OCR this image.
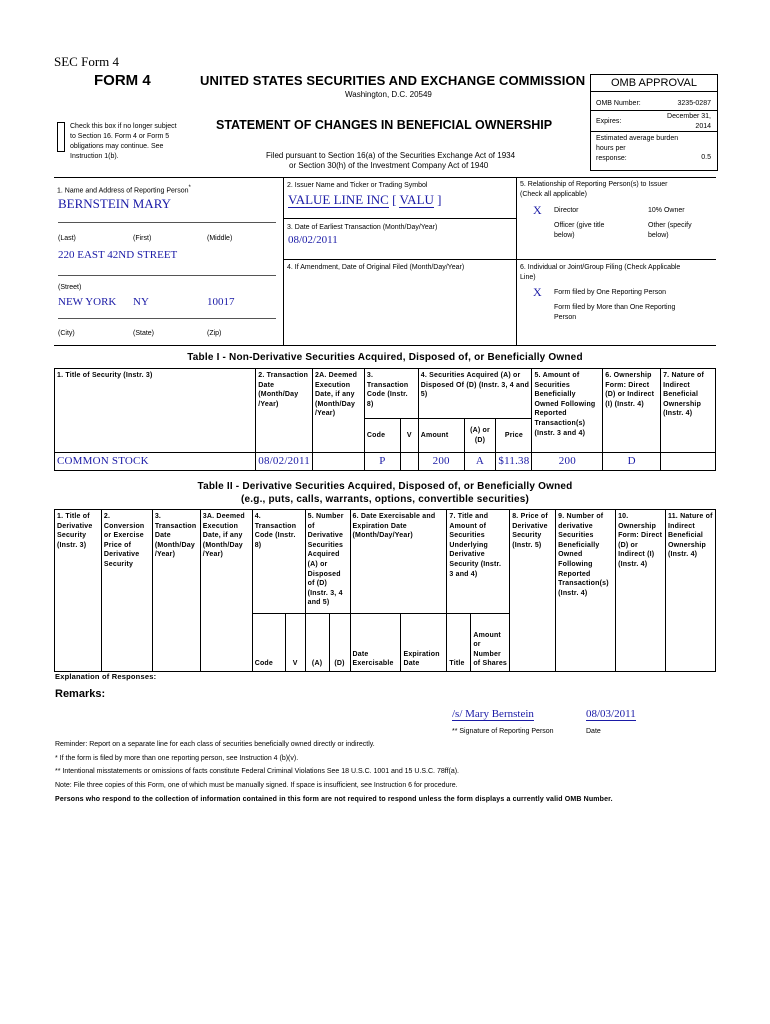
SEC Form 4
FORM 4	UNITED STATES SECURITIES AND EXCHANGE COMMISSION
Washington, D.C. 20549
Check this box if no longer subject
to Section 16. Form 4 or Form 5
obligations may continue. See
Instruction 1(b).
STATEMENT OF CHANGES IN BENEFICIAL OWNERSHIP
Filed pursuant to Section 16(a) of the Securities Exchange Act of 1934
or Section 30(h) of the Investment Company Act of 1940
OMB APPROVAL
OMB Number:	3235-0287
Expires:
December 31,
2014
Estimated average burden
hours per
response:	0.5
1. Name and Address of Reporting Person*
BERNSTEIN MARY
(Last)	(First)	(Middle)
220 EAST 42ND STREET
(Street)
NEW YORK NY	10017
(City)	(State)	(Zip)
2. Issuer Name and Ticker or Trading Symbol
VALUE LINE INC [ VALU ]
3. Date of Earliest Transaction (Month/Day/Year)
08/02/2011
4. If Amendment, Date of Original Filed (Month/Day/Year)
5. Relationship of Reporting Person(s) to Issuer
(Check all applicable)
X Director	10% Owner
Officer (give title
below)
Other (specify
below)
6. Individual or Joint/Group Filing (Check Applicable
Line)
X Form filed by One Reporting Person
Form filed by More than One Reporting
Person
Table I - Non-Derivative Securities Acquired, Disposed of, or Beneficially Owned
1. Title of Security (Instr. 3)	2. Transaction Date (Month/Day /Year)	2A. Deemed Execution Date, if any (Month/Day /Year)	3. Transaction Code (Instr. 8)		4. Securities Acquired (A) or Disposed Of (D) (Instr. 3, 4 and 5)			5. Amount of Securities Beneficially Owned Following Reported Transaction(s) (Instr. 3 and 4)	6. Ownership Form: Direct (D) or Indirect (I) (Instr. 4)	7. Nature of Indirect Beneficial Ownership (Instr. 4)
			Code	V	Amount	(A) or (D)	Price			
COMMON STOCK	08/02/2011		P		200	A	$11.38	200	D	
Table II - Derivative Securities Acquired, Disposed of, or Beneficially Owned
(e.g., puts, calls, warrants, options, convertible securities)
1. Title of Derivative Security (Instr. 3)	2. Conversion or Exercise Price of Derivative Security	3. Transaction Date (Month/Day /Year)	3A. Deemed Execution Date, if any (Month/Day /Year)	4. Transaction Code (Instr. 8)		5. Number of Derivative Securities Acquired (A) or Disposed of (D) (Instr. 3, 4 and 5)		6. Date Exercisable and Expiration Date (Month/Day/Year)		7. Title and Amount of Securities Underlying Derivative Security (Instr. 3 and 4)		8. Price of Derivative Security (Instr. 5)	9. Number of derivative Securities Beneficially Owned Following Reported Transaction(s) (Instr. 4)	10. Ownership Form: Direct (D) or Indirect (I) (Instr. 4)	11. Nature of Indirect Beneficial Ownership (Instr. 4)
				Code	V	(A)	(D)	Date Exercisable	Expiration Date	Title	Amount or Number of Shares				
Explanation of Responses:
Remarks:
/s/ Mary Bernstein	08/03/2011
** Signature of Reporting Person	Date
Reminder: Report on a separate line for each class of securities beneficially owned directly or indirectly.
* If the form is filed by more than one reporting person, see Instruction 4 (b)(v).
** Intentional misstatements or omissions of facts constitute Federal Criminal Violations See 18 U.S.C. 1001 and 15 U.S.C. 78ff(a).
Note: File three copies of this Form, one of which must be manually signed. If space is insufficient, see Instruction 6 for procedure.
Persons who respond to the collection of information contained in this form are not required to respond unless the form displays a currently valid OMB Number.
